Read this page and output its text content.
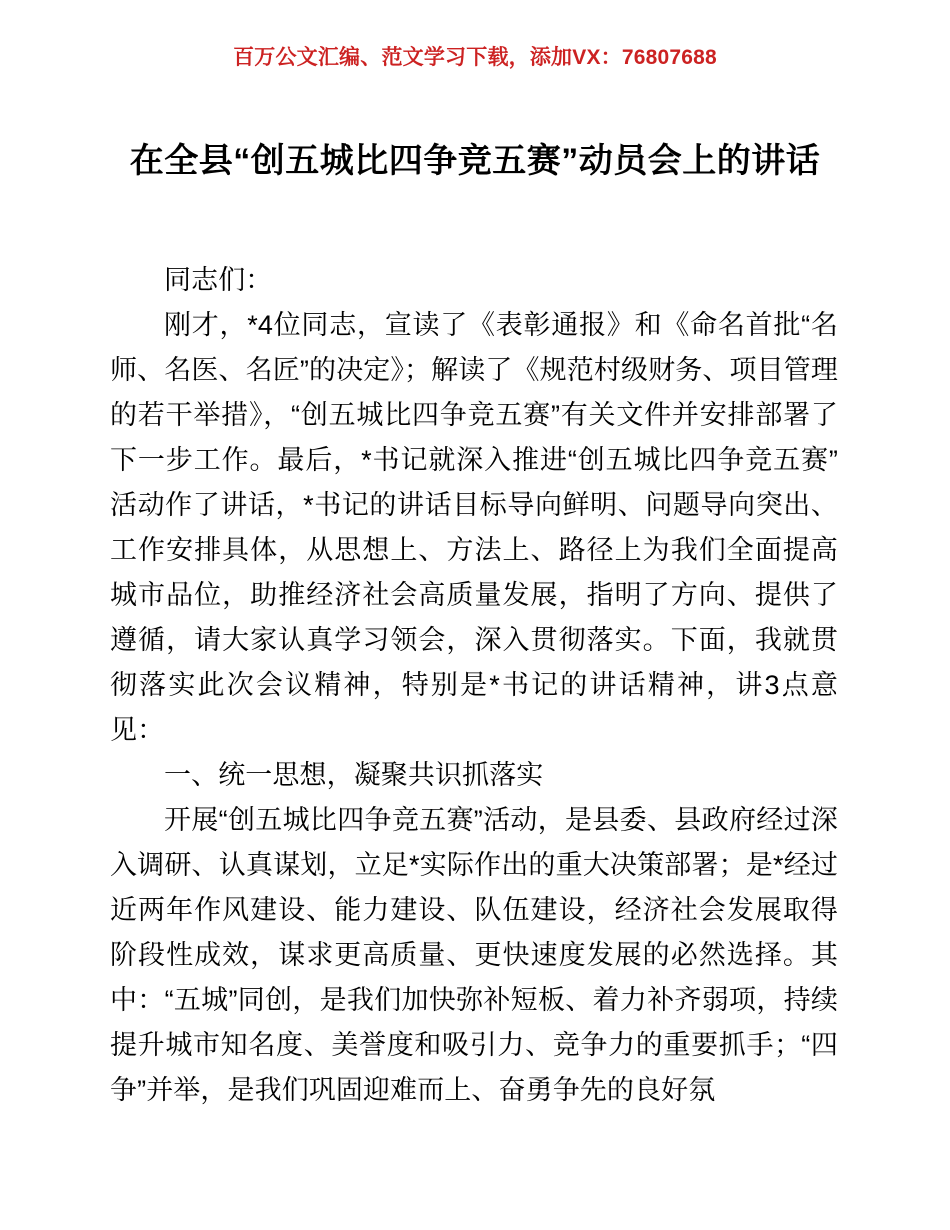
百万公文汇编、范文学习下载，添加VX：76807688
在全县“创五城比四争竞五赛”动员会上的讲话

同志们：

刚才，*4位同志，宣读了《表彰通报》和《命名首批“名师、名医、名匠”的决定》；解读了《规范村级财务、项目管理的若干举措》，“创五城比四争竞五赛”有关文件并安排部署了下一步工作。最后，*书记就深入推进“创五城比四争竞五赛”活动作了讲话，*书记的讲话目标导向鲜明、问题导向突出、工作安排具体，从思想上、方法上、路径上为我们全面提高城市品位，助推经济社会高质量发展，指明了方向、提供了遵循，请大家认真学习领会，深入贯彻落实。下面，我就贯彻落实此次会议精神，特别是*书记的讲话精神，讲3点意见：

一、统一思想，凝聚共识抓落实

开展“创五城比四争竞五赛”活动，是县委、县政府经过深入调研、认真谋划，立足*实际作出的重大决策部署；是*经过近两年作风建设、能力建设、队伍建设，经济社会发展取得阶段性成效，谋求更高质量、更快速度发展的必然选择。其中：“五城”同创，是我们加快弥补短板、着力补齐弱项，持续提升城市知名度、美誉度和吸引力、竞争力的重要抓手；“四争”并举，是我们巩固迎难而上、奋勇争先的良好氛
